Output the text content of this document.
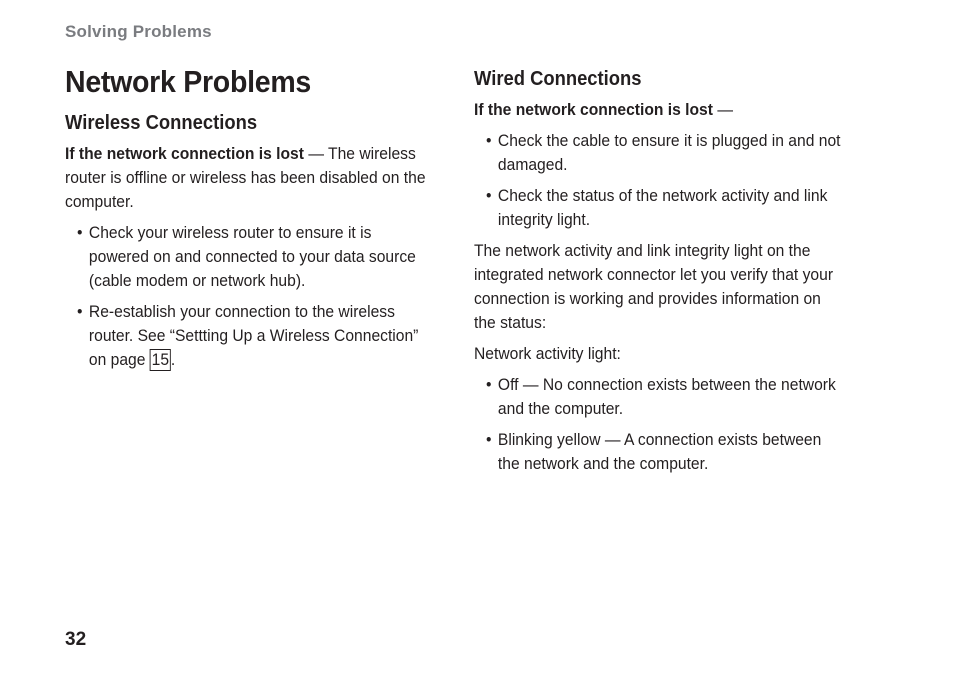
Solving Problems
Network Problems
Wireless Connections

If the network connection is lost — The wireless router is offline or wireless has been disabled on the computer.

• Check your wireless router to ensure it is powered on and connected to your data source (cable modem or network hub).
• Re-establish your connection to the wireless router. See “Settting Up a Wireless Connection” on page 15 .
Wired Connections

If the network connection is lost —

• Check the cable to ensure it is plugged in and not damaged.
• Check the status of the network activity and link integrity light.

The network activity and link integrity light on the integrated network connector let you verify that your connection is working and provides information on the status:

Network activity light:

• Off — No connection exists between the network and the computer.
• Blinking yellow — A connection exists between the network and the computer.
32
